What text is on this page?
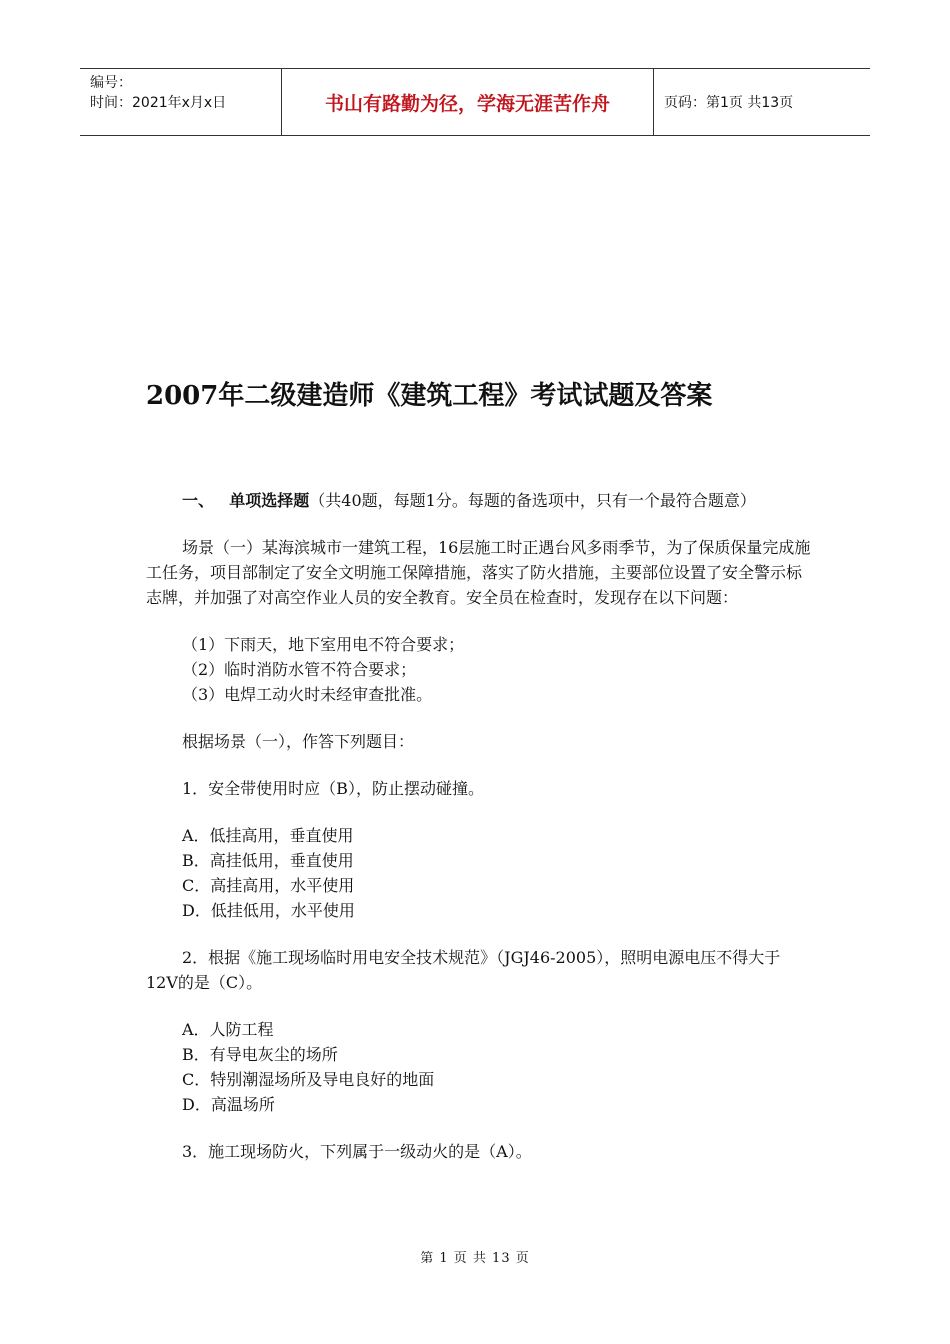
编号：
时间：2021年x月x日	书山有路勤为径，学海无涯苦作舟	页码：第1页 共13页
2007年二级建造师《建筑工程》考试试题及答案

一、 单项选择题（共40题，每题1分。每题的备选项中，只有一个最符合题意）

场景（一）某海滨城市一建筑工程，16层施工时正遇台风多雨季节，为了保质保量完成施工任务，项目部制定了安全文明施工保障措施，落实了防火措施，主要部位设置了安全警示标志牌，并加强了对高空作业人员的安全教育。安全员在检查时，发现存在以下问题：

（1）下雨天，地下室用电不符合要求；
（2）临时消防水管不符合要求；
（3）电焊工动火时未经审查批准。

根据场景（一），作答下列题目：

1．安全带使用时应（B），防止摆动碰撞。

A．低挂高用，垂直使用
B．高挂低用，垂直使用
C．高挂高用，水平使用
D．低挂低用，水平使用

2．根据《施工现场临时用电安全技术规范》（JGJ46-2005），照明电源电压不得大于12V的是（C）。

A．人防工程
B．有导电灰尘的场所
C．特别潮湿场所及导电良好的地面
D．高温场所

3．施工现场防火，下列属于一级动火的是（A）。

第 1 页 共 13 页
